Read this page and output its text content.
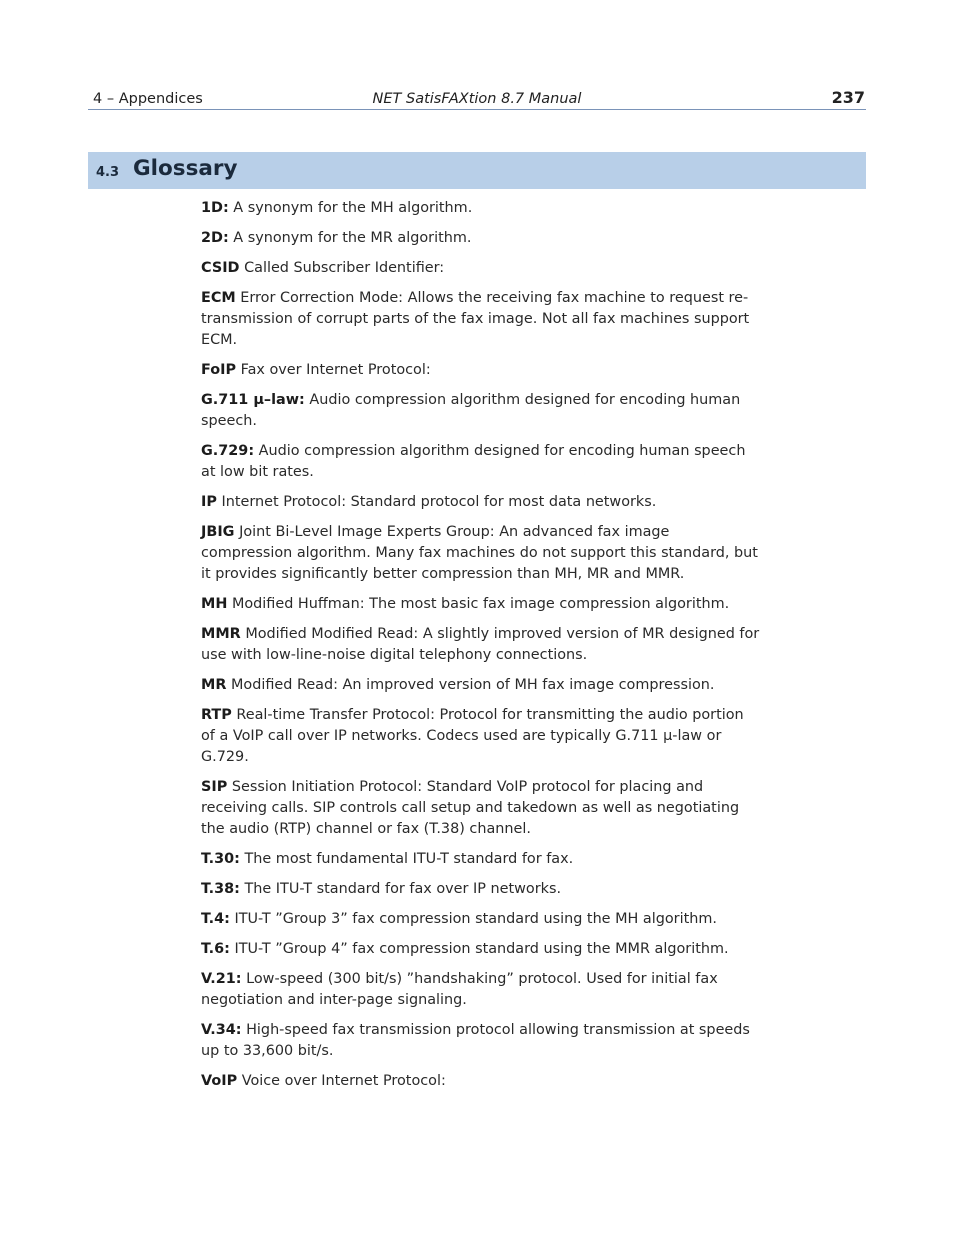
4 – Appendices	NET SatisFAXtion 8.7 Manual	237
4.3 Glossary
1D: A synonym for the MH algorithm.
2D: A synonym for the MR algorithm.
CSID Called Subscriber Identifier:
ECM Error Correction Mode: Allows the receiving fax machine to request re-transmission of corrupt parts of the fax image. Not all fax machines support ECM.
FoIP Fax over Internet Protocol:
G.711 μ–law: Audio compression algorithm designed for encoding human speech.
G.729: Audio compression algorithm designed for encoding human speech at low bit rates.
IP Internet Protocol: Standard protocol for most data networks.
JBIG Joint Bi-Level Image Experts Group: An advanced fax image compression algorithm. Many fax machines do not support this standard, but it provides significantly better compression than MH, MR and MMR.
MH Modified Huffman: The most basic fax image compression algorithm.
MMR Modified Modified Read: A slightly improved version of MR designed for use with low-line-noise digital telephony connections.
MR Modified Read: An improved version of MH fax image compression.
RTP Real-time Transfer Protocol: Protocol for transmitting the audio portion of a VoIP call over IP networks. Codecs used are typically G.711 μ-law or G.729.
SIP Session Initiation Protocol: Standard VoIP protocol for placing and receiving calls. SIP controls call setup and takedown as well as negotiating the audio (RTP) channel or fax (T.38) channel.
T.30: The most fundamental ITU-T standard for fax.
T.38: The ITU-T standard for fax over IP networks.
T.4: ITU-T ”Group 3” fax compression standard using the MH algorithm.
T.6: ITU-T ”Group 4” fax compression standard using the MMR algorithm.
V.21: Low-speed (300 bit/s) ”handshaking” protocol. Used for initial fax negotiation and inter-page signaling.
V.34: High-speed fax transmission protocol allowing transmission at speeds up to 33,600 bit/s.
VoIP Voice over Internet Protocol:
